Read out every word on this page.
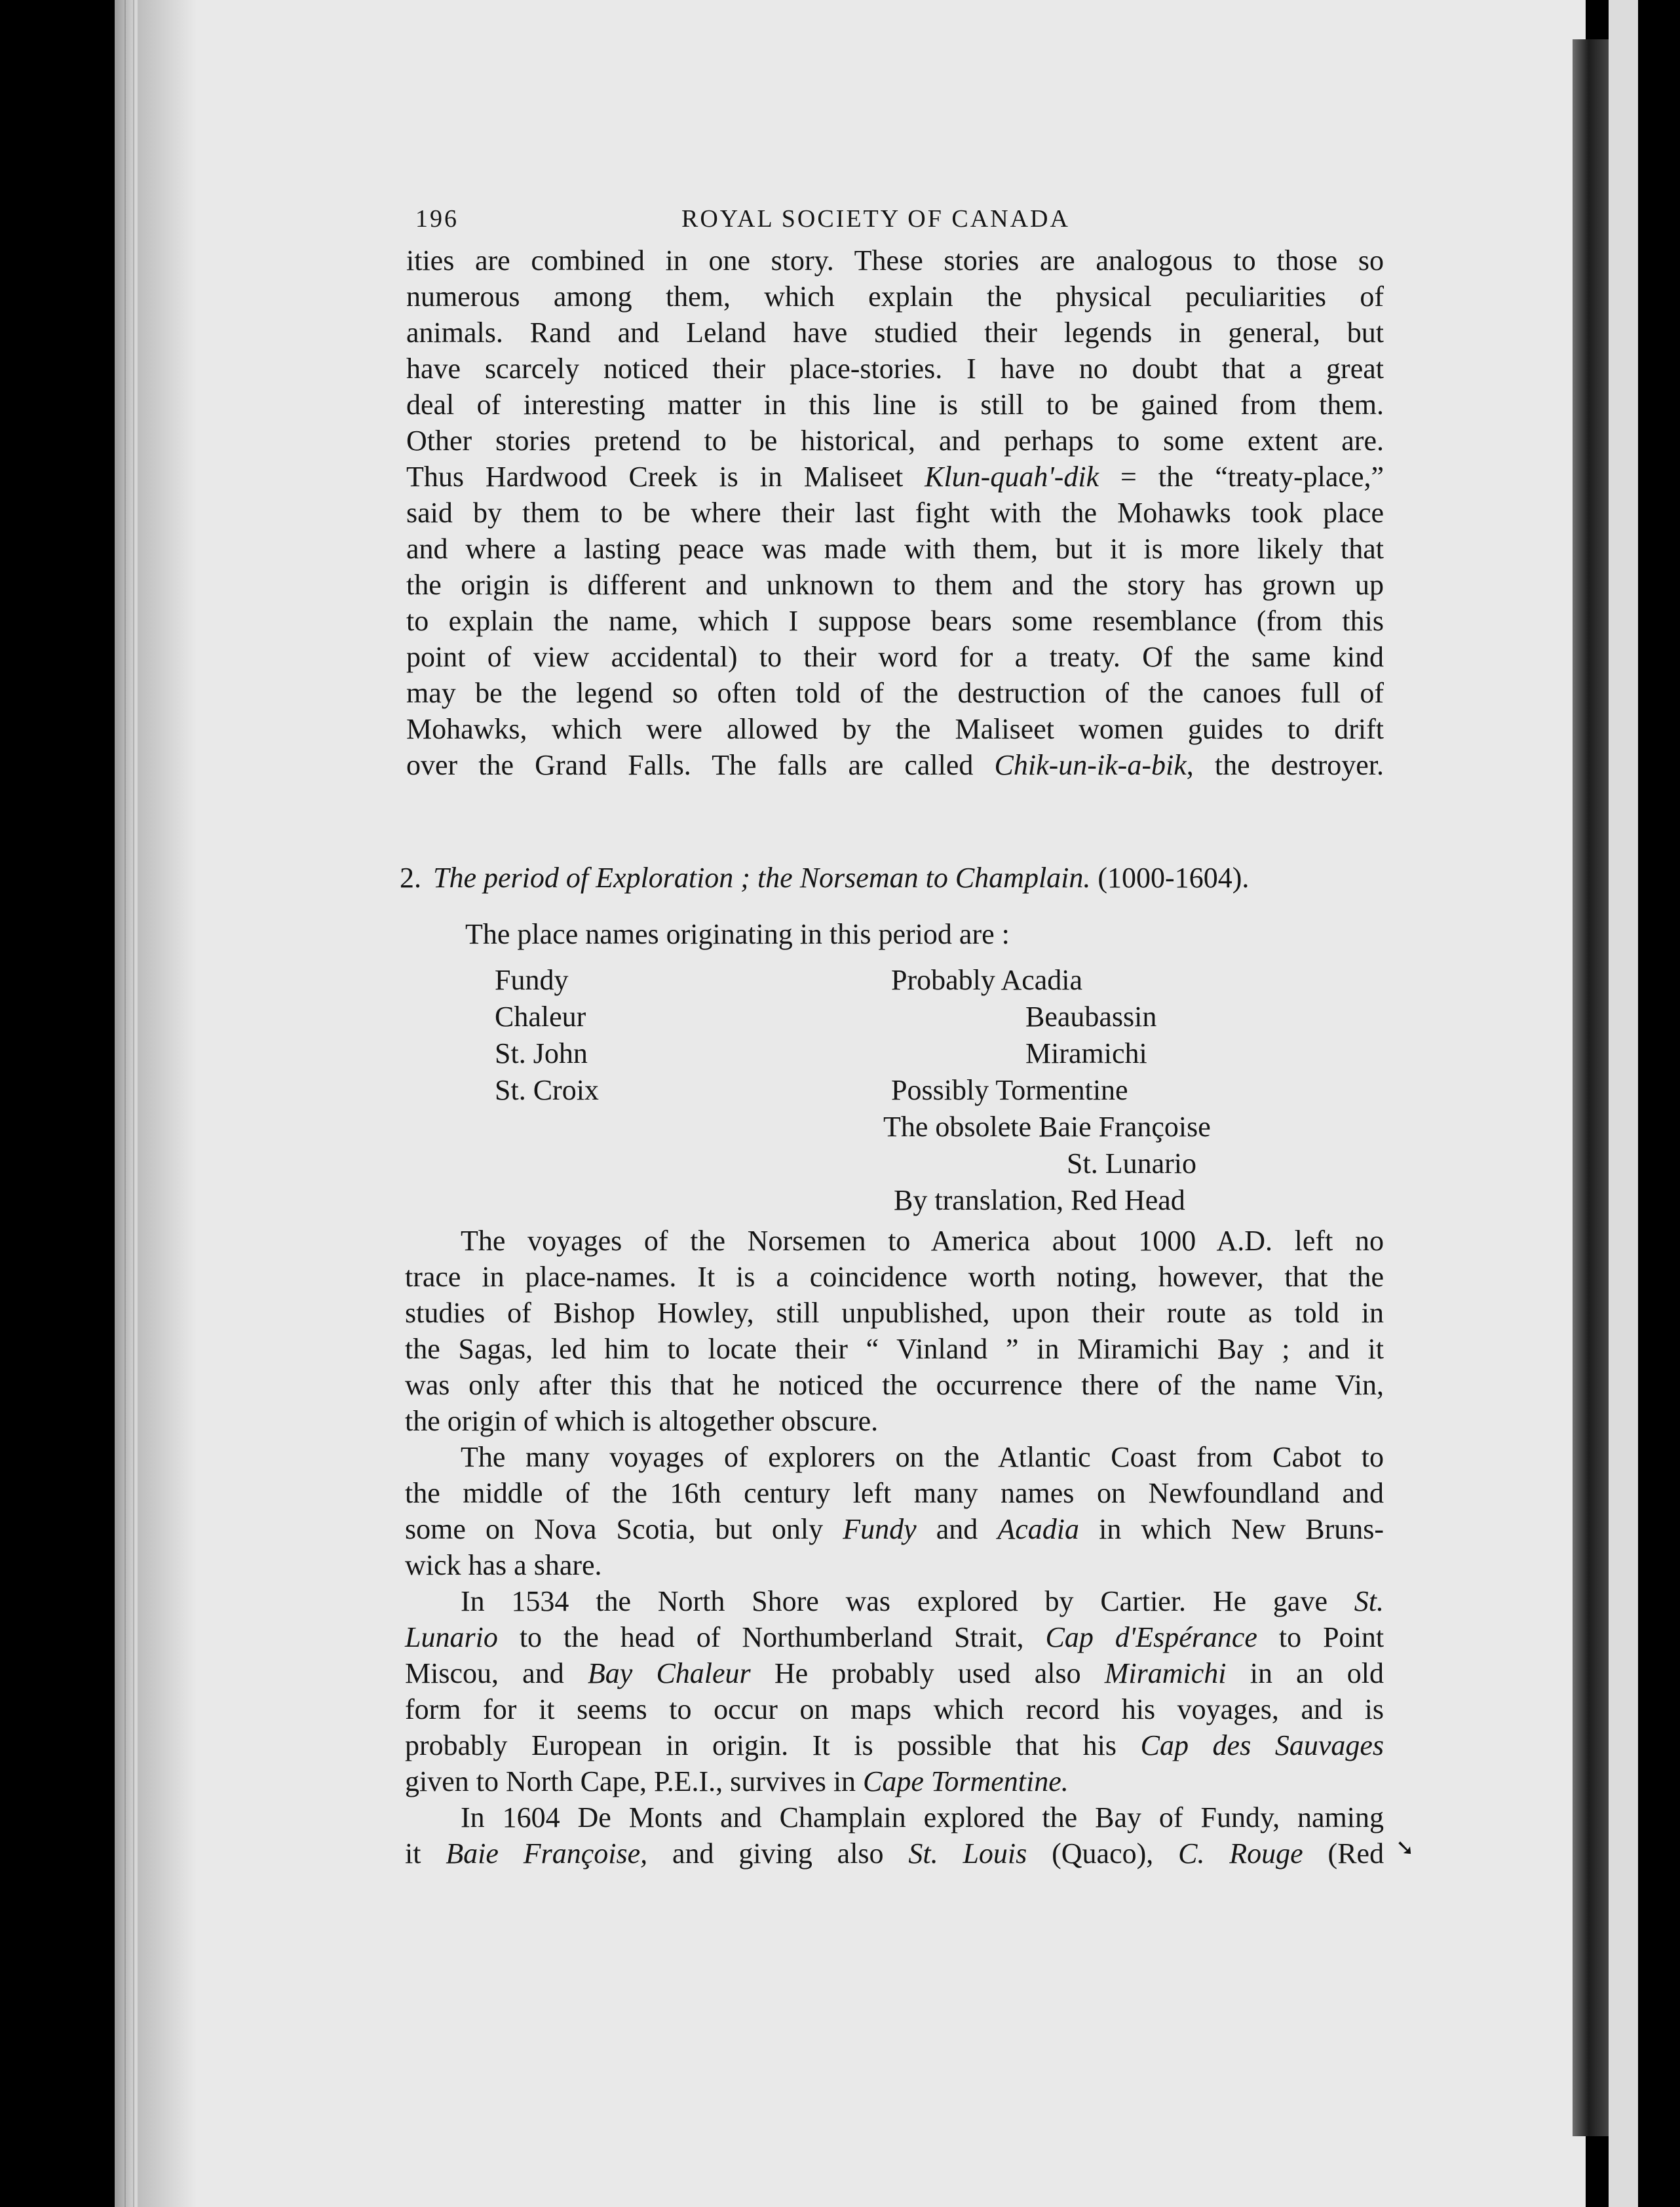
196	ROYAL SOCIETY OF CANADA
ities are combined in one story. These stories are analogous to those so
numerous among them, which explain the physical peculiarities of
animals. Rand and Leland have studied their legends in general, but
have scarcely noticed their place-stories. I have no doubt that a great
deal of interesting matter in this line is still to be gained from them.
Other stories pretend to be historical, and perhaps to some extent are.
Thus Hardwood Creek is in Maliseet Klun-quah'-dik = the “treaty-place,”
said by them to be where their last fight with the Mohawks took place
and where a lasting peace was made with them, but it is more likely that
the origin is different and unknown to them and the story has grown up
to explain the name, which I suppose bears some resemblance (from this
point of view accidental) to their word for a treaty. Of the same kind
may be the legend so often told of the destruction of the canoes full of
Mohawks, which were allowed by the Maliseet women guides to drift
over the Grand Falls. The falls are called Chik-un-ik-a-bik, the destroyer.
2. The period of Exploration ; the Norseman to Champlain. (1000-1604).
The place names originating in this period are :
Fundy
Chaleur
St. John
St. Croix
Probably Acadia
Beaubassin
Miramichi
Possibly Tormentine
The obsolete Baie Françoise
St. Lunario
By translation, Red Head
The voyages of the Norsemen to America about 1000 A.D. left no
trace in place-names. It is a coincidence worth noting, however, that the
studies of Bishop Howley, still unpublished, upon their route as told in
the Sagas, led him to locate their “ Vinland ” in Miramichi Bay ; and it
was only after this that he noticed the occurrence there of the name Vin,
the origin of which is altogether obscure.
The many voyages of explorers on the Atlantic Coast from Cabot to
the middle of the 16th century left many names on Newfoundland and
some on Nova Scotia, but only Fundy and Acadia in which New Bruns-
wick has a share.
In 1534 the North Shore was explored by Cartier. He gave St.
Lunario to the head of Northumberland Strait, Cap d'Espérance to Point
Miscou, and Bay Chaleur He probably used also Miramichi in an old
form for it seems to occur on maps which record his voyages, and is
probably European in origin. It is possible that his Cap des Sauvages
given to North Cape, P.E.I., survives in Cape Tormentine.
In 1604 De Monts and Champlain explored the Bay of Fundy, naming
it Baie Françoise, and giving also St. Louis (Quaco), C. Rouge (Red ➘
